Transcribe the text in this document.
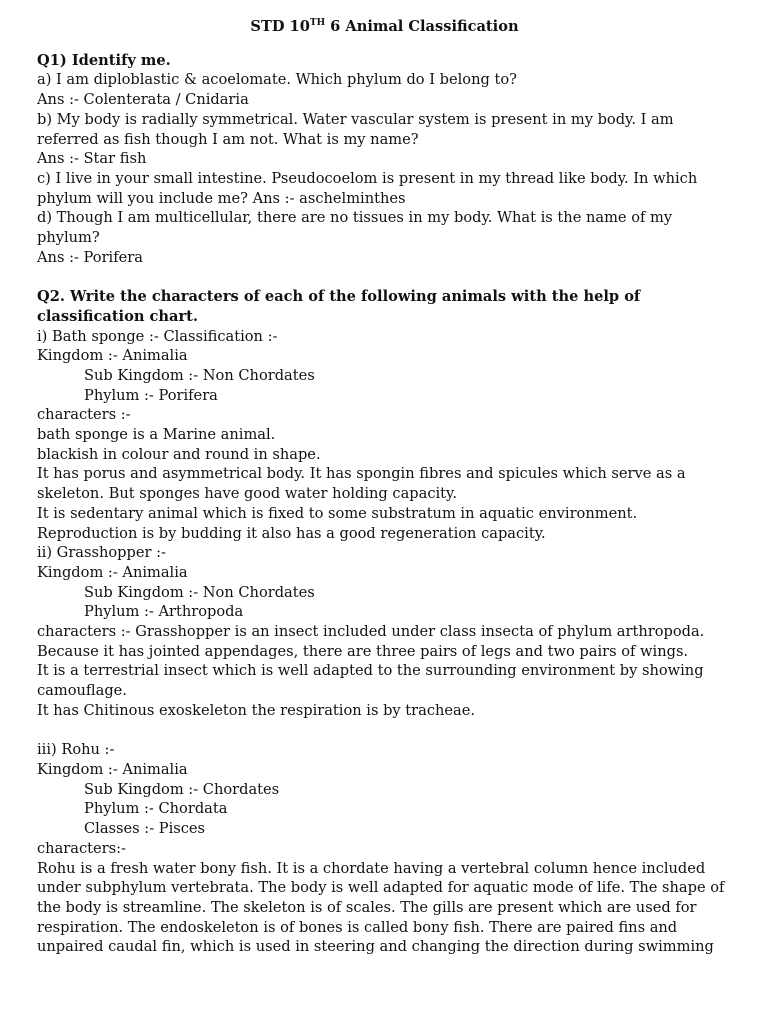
STD 10TH 6 Animal Classification

Q1) Identify me.

a) I am diploblastic & acoelomate. Which phylum do I belong to?

Ans :- Colenterata / Cnidaria

b) My body is radially symmetrical. Water vascular system is present in my body. I am

referred as fish though I am not. What is my name?

Ans :- Star fish

c) I live in your small intestine. Pseudocoelom is present in my thread like body. In which

phylum will you include me? Ans :- aschelminthes

d) Though I am multicellular, there are no tissues in my body. What is the name of my

phylum?

Ans :- Porifera

Q2. Write the characters of each of the following animals with the help of

classification chart.

i) Bath sponge :- Classification :-

Kingdom :- Animalia

Sub Kingdom :- Non Chordates

Phylum :- Porifera

characters :-

bath sponge is a Marine animal.

blackish in colour and round in shape.

It has porus and asymmetrical body. It has spongin fibres and spicules which serve as a

skeleton. But sponges have good water holding capacity.

It is sedentary animal which is fixed to some substratum in aquatic environment.

Reproduction is by budding it also has a good regeneration capacity.

ii) Grasshopper :-

Kingdom :- Animalia

Sub Kingdom :- Non Chordates

Phylum :- Arthropoda

characters :- Grasshopper is an insect included under class insecta of phylum arthropoda.

Because it has jointed appendages, there are three pairs of legs and two pairs of wings.

It is a terrestrial insect which is well adapted to the surrounding environment by showing

camouflage.

It has Chitinous exoskeleton the respiration is by tracheae.

iii) Rohu :-

Kingdom :- Animalia

Sub Kingdom :- Chordates

Phylum :- Chordata

Classes :- Pisces

characters:-

Rohu is a fresh water bony fish. It is a chordate having a vertebral column hence included

under subphylum vertebrata. The body is well adapted for aquatic mode of life. The shape of

the body is streamline. The skeleton is of scales. The gills are present which are used for

respiration. The endoskeleton is of bones is called bony fish. There are paired fins and

unpaired caudal fin, which is used in steering and changing the direction during swimming
